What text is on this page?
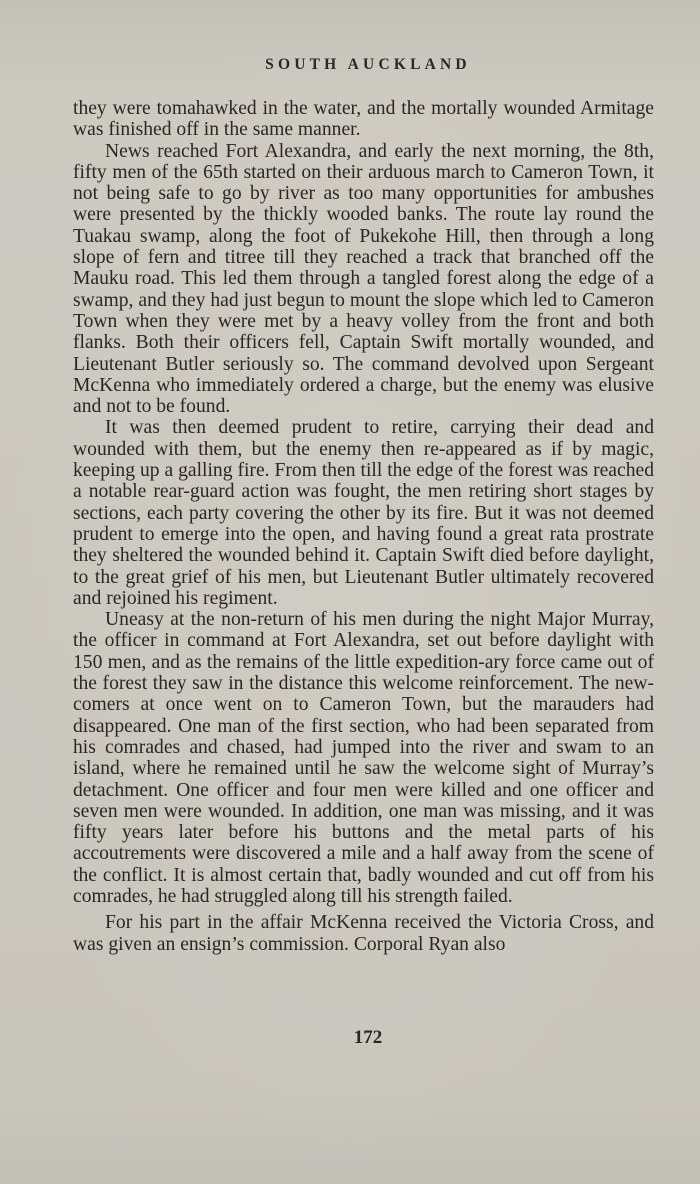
SOUTH AUCKLAND

they were tomahawked in the water, and the mortally wounded Armitage was finished off in the same manner.

News reached Fort Alexandra, and early the next morning, the 8th, fifty men of the 65th started on their arduous march to Cameron Town, it not being safe to go by river as too many opportunities for ambushes were presented by the thickly wooded banks. The route lay round the Tuakau swamp, along the foot of Pukekohe Hill, then through a long slope of fern and titree till they reached a track that branched off the Mauku road. This led them through a tangled forest along the edge of a swamp, and they had just begun to mount the slope which led to Cameron Town when they were met by a heavy volley from the front and both flanks. Both their officers fell, Captain Swift mortally wounded, and Lieutenant Butler seriously so. The command devolved upon Sergeant McKenna who immediately ordered a charge, but the enemy was elusive and not to be found.

It was then deemed prudent to retire, carrying their dead and wounded with them, but the enemy then re-appeared as if by magic, keeping up a galling fire. From then till the edge of the forest was reached a notable rear-guard action was fought, the men retiring short stages by sections, each party covering the other by its fire. But it was not deemed prudent to emerge into the open, and having found a great rata prostrate they sheltered the wounded behind it. Captain Swift died before daylight, to the great grief of his men, but Lieutenant Butler ultimately recovered and rejoined his regiment.

Uneasy at the non-return of his men during the night Major Murray, the officer in command at Fort Alexandra, set out before daylight with 150 men, and as the remains of the little expedition-ary force came out of the forest they saw in the distance this welcome reinforcement. The new-comers at once went on to Cameron Town, but the marauders had disappeared. One man of the first section, who had been separated from his comrades and chased, had jumped into the river and swam to an island, where he remained until he saw the welcome sight of Murray’s detachment. One officer and four men were killed and one officer and seven men were wounded. In addition, one man was missing, and it was fifty years later before his buttons and the metal parts of his accoutrements were discovered a mile and a half away from the scene of the conflict. It is almost certain that, badly wounded and cut off from his comrades, he had struggled along till his strength failed.

For his part in the affair McKenna received the Victoria Cross, and was given an ensign’s commission. Corporal Ryan also

172
